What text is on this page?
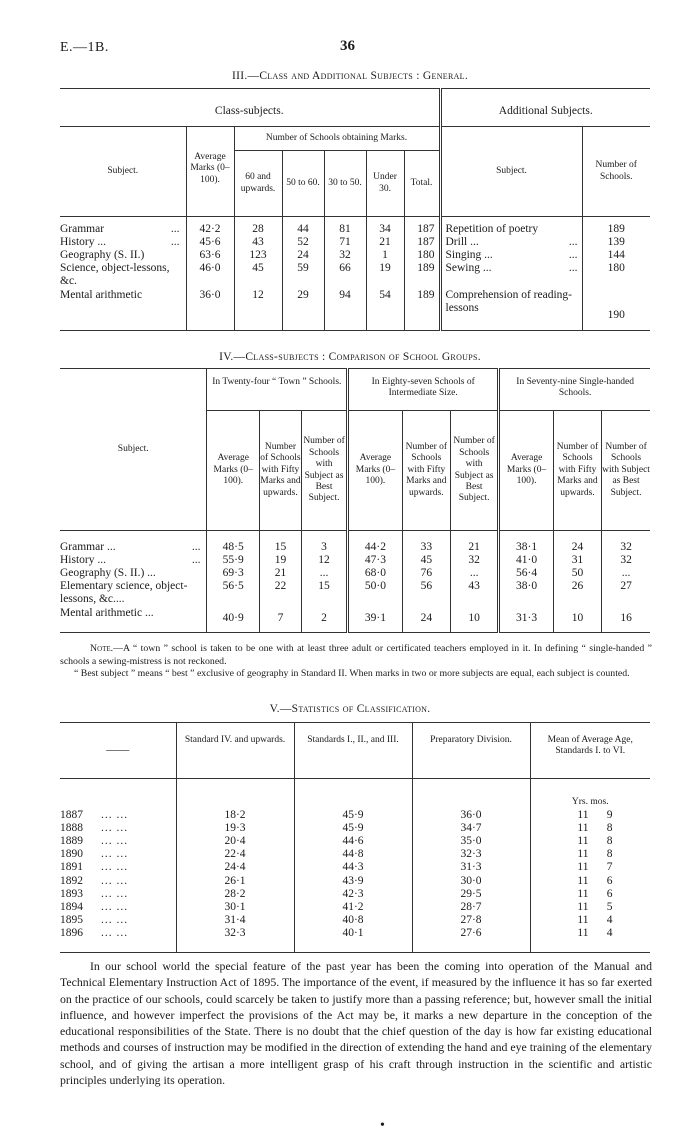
E.—1B.	36
III.—Class and Additional Subjects : General.
Class-subjects.							Additional Subjects.	
Subject.	Average Marks (0–100).	Number of Schools obtaining Marks.					Subject.	Number of Schools.
		60 and upwards.	50 to 60.	30 to 50.	Under 30.	Total.		

Grammar ...	42·2	28	44	81	34	187	Repetition of poetry	189
History ... ...	45·6	43	52	71	21	187	Drill ... ...	139
Geography (S. II.)	63·6	123	24	32	1	180	Singing ... ...	144
Science, object-lessons, &c.	46·0	45	59	66	19	189	Sewing ... ...	180
Mental arithmetic	36·0	12	29	94	54	189	Comprehension of reading-lessons	190

IV.—Class-subjects : Comparison of School Groups.
Subject.	In Twenty-four “ Town ” Schools.			In Eighty-seven Schools of Intermediate Size.			In Seventy-nine Single-handed Schools.		
	Average Marks (0–100).	Number of Schools with Fifty Marks and upwards.	Number of Schools with Subject as Best Subject.	Average Marks (0–100).	Number of Schools with Fifty Marks and upwards.	Number of Schools with Subject as Best Subject.	Average Marks (0–100).	Number of Schools with Fifty Marks and upwards.	Number of Schools with Subject as Best Subject.

Grammar ... ...	48·5	15	3	44·2	33	21	38·1	24	32
History ... ...	55·9	19	12	47·3	45	32	41·0	31	32
Geography (S. II.) ...	69·3	21	...	68·0	76	...	56·4	50	...
Elementary science, object-lessons, &c....	56·5	22	15	50·0	56	43	38·0	26	27
Mental arithmetic ...	40·9	7	2	39·1	24	10	31·3	10	16

Note.—A “ town ” school is taken to be one with at least three adult or certificated teachers employed in it. In defining “ single-handed ” schools a sewing-mistress is not reckoned.
“ Best subject ” means “ best ” exclusive of geography in Standard II. When marks in two or more subjects are equal, each subject is counted.
V.—Statistics of Classification.
——	Standard IV. and upwards.	Standards I., II., and III.	Preparatory Division.	Mean of Average Age, Standards I. to VI.
				Yrs. mos.
1887 ... ...	18·2	45·9	36·0	11 9
1888 ... ...	19·3	45·9	34·7	11 8
1889 ... ...	20·4	44·6	35·0	11 8
1890 ... ...	22·4	44·8	32·3	11 8
1891 ... ...	24·4	44·3	31·3	11 7
1892 ... ...	26·1	43·9	30·0	11 6
1893 ... ...	28·2	42·3	29·5	11 6
1894 ... ...	30·1	41·2	28·7	11 5
1895 ... ...	31·4	40·8	27·8	11 4
1896 ... ...	32·3	40·1	27·6	11 4

In our school world the special feature of the past year has been the coming into operation of the Manual and Technical Elementary Instruction Act of 1895. The importance of the event, if measured by the influence it has so far exerted on the practice of our schools, could scarcely be taken to justify more than a passing reference; but, however small the initial influence, and however imperfect the provisions of the Act may be, it marks a new departure in the conception of the educational responsibilities of the State. There is no doubt that the chief question of the day is how far existing educational methods and courses of instruction may be modified in the direction of extending the hand and eye training of the elementary school, and of giving the artisan a more intelligent grasp of his craft through instruction in the scientific and artistic principles underlying its operation.
•
